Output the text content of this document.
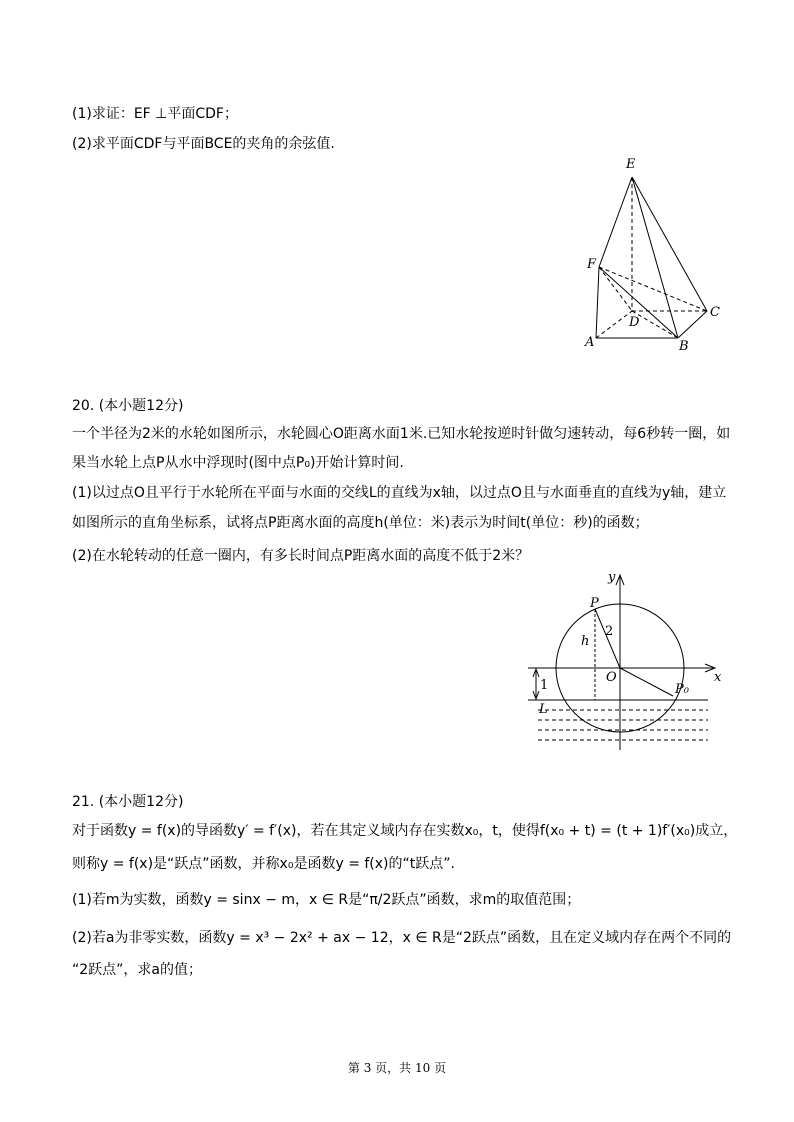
(1)求证：EF ⊥平面CDF；
(2)求平面CDF与平面BCE的夹角的余弦值.
E
F
D
C
A	B
20. (本小题12分)
一个半径为2米的水轮如图所示，水轮圆心O距离水面1米.已知水轮按逆时针做匀速转动，每6秒转一圈，如
果当水轮上点P从水中浮现时(图中点P₀)开始计算时间.
(1)以过点O且平行于水轮所在平面与水面的交线L的直线为x轴，以过点O且与水面垂直的直线为y轴，建立
如图所示的直角坐标系，试将点P距离水面的高度h(单位：米)表示为时间t(单位：秒)的函数；
(2)在水轮转动的任意一圈内，有多长时间点P距离水面的高度不低于2米？
y
P
h
2
O	x
P₀
1
L
21. (本小题12分)
对于函数y = f(x)的导函数y′ = f′(x)，若在其定义域内存在实数x₀，t，使得f(x₀ + t) = (t + 1)f′(x₀)成立，
则称y = f(x)是“跃点”函数，并称x₀是函数y = f(x)的“t跃点”．
(1)若m为实数，函数y = sinx − m，x ∈ R是“π/2跃点”函数，求m的取值范围；
(2)若a为非零实数，函数y = x³ − 2x² + ax − 12，x ∈ R是“2跃点”函数，且在定义域内存在两个不同的
“2跃点”，求a的值；
第 3 页，共 10 页
